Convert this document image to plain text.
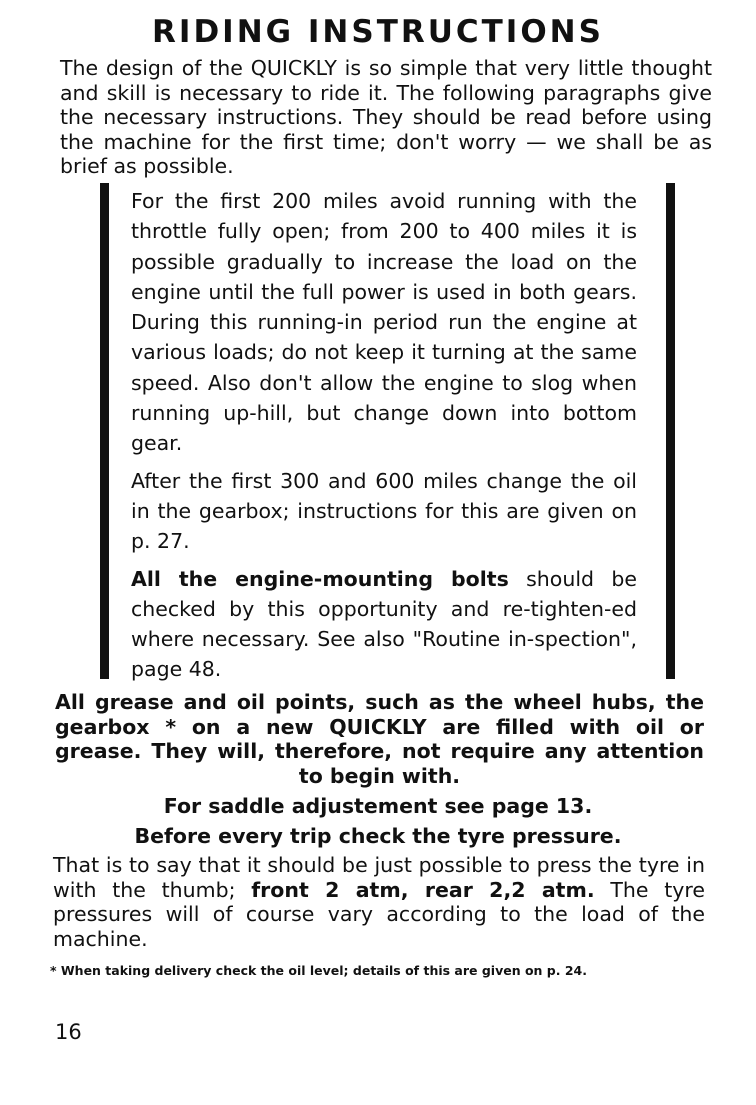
RIDING INSTRUCTIONS

The design of the QUICKLY is so simple that very little thought and skill is necessary to ride it. The following paragraphs give the necessary instructions. They should be read before using the machine for the first time; don't worry — we shall be as brief as possible.

For the first 200 miles avoid running with the throttle fully open; from 200 to 400 miles it is possible gradually to increase the load on the engine until the full power is used in both gears. During this running-in period run the engine at various loads; do not keep it turning at the same speed. Also don't allow the engine to slog when running up-hill, but change down into bottom gear.

After the first 300 and 600 miles change the oil in the gearbox; instructions for this are given on p. 27.

All the engine-mounting bolts should be checked by this opportunity and re-tighten-ed where necessary. See also "Routine in-spection", page 48.

All grease and oil points, such as the wheel hubs, the gearbox * on a new QUICKLY are filled with oil or grease. They will, therefore, not require any attention to begin with.

For saddle adjustement see page 13.

Before every trip check the tyre pressure.

That is to say that it should be just possible to press the tyre in with the thumb; front 2 atm, rear 2,2 atm. The tyre pressures will of course vary according to the load of the machine.

* When taking delivery check the oil level; details of this are given on p. 24.

16
